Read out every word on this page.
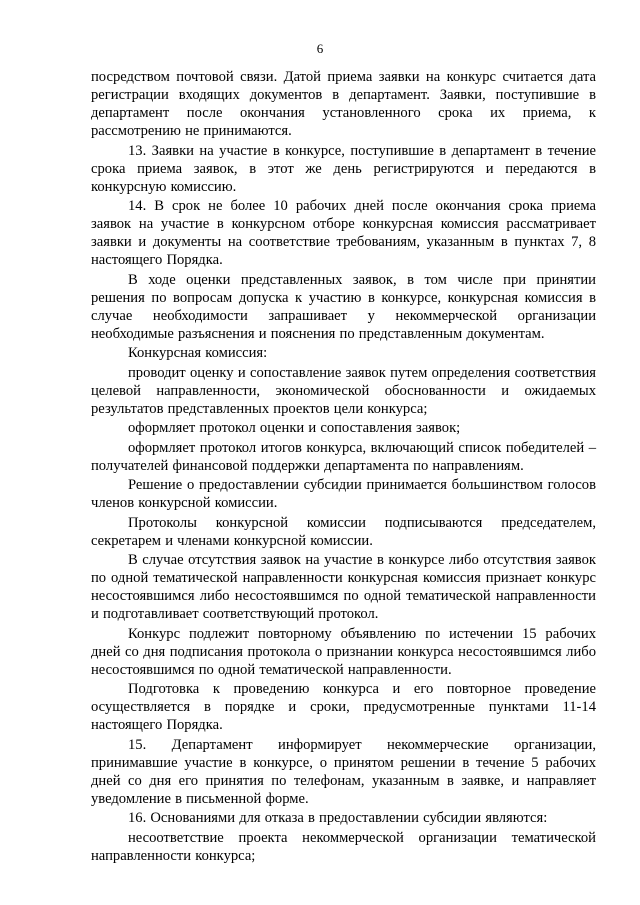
6

посредством почтовой связи. Датой приема заявки на конкурс считается дата регистрации входящих документов в департамент. Заявки, поступившие в департамент после окончания установленного срока их приема, к рассмотрению не принимаются.

13. Заявки на участие в конкурсе, поступившие в департамент в течение срока приема заявок, в этот же день регистрируются и передаются в конкурсную комиссию.

14. В срок не более 10 рабочих дней после окончания срока приема заявок на участие в конкурсном отборе конкурсная комиссия рассматривает заявки и документы на соответствие требованиям, указанным в пунктах 7, 8 настоящего Порядка.

В ходе оценки представленных заявок, в том числе при принятии решения по вопросам допуска к участию в конкурсе, конкурсная комиссия в случае необходимости запрашивает у некоммерческой организации необходимые разъяснения и пояснения по представленным документам.

Конкурсная комиссия:

проводит оценку и сопоставление заявок путем определения соответствия целевой направленности, экономической обоснованности и ожидаемых результатов представленных проектов цели конкурса;

оформляет протокол оценки и сопоставления заявок;

оформляет протокол итогов конкурса, включающий список победителей – получателей финансовой поддержки департамента по направлениям.

Решение о предоставлении субсидии принимается большинством голосов членов конкурсной комиссии.

Протоколы конкурсной комиссии подписываются председателем, секретарем и членами конкурсной комиссии.

В случае отсутствия заявок на участие в конкурсе либо отсутствия заявок по одной тематической направленности конкурсная комиссия признает конкурс несостоявшимся либо несостоявшимся по одной тематической направленности и подготавливает соответствующий протокол.

Конкурс подлежит повторному объявлению по истечении 15 рабочих дней со дня подписания протокола о признании конкурса несостоявшимся либо несостоявшимся по одной тематической направленности.

Подготовка к проведению конкурса и его повторное проведение осуществляется в порядке и сроки, предусмотренные пунктами 11-14 настоящего Порядка.

15. Департамент информирует некоммерческие организации, принимавшие участие в конкурсе, о принятом решении в течение 5 рабочих дней со дня его принятия по телефонам, указанным в заявке, и направляет уведомление в письменной форме.

16. Основаниями для отказа в предоставлении субсидии являются:

несоответствие проекта некоммерческой организации тематической направленности конкурса;
